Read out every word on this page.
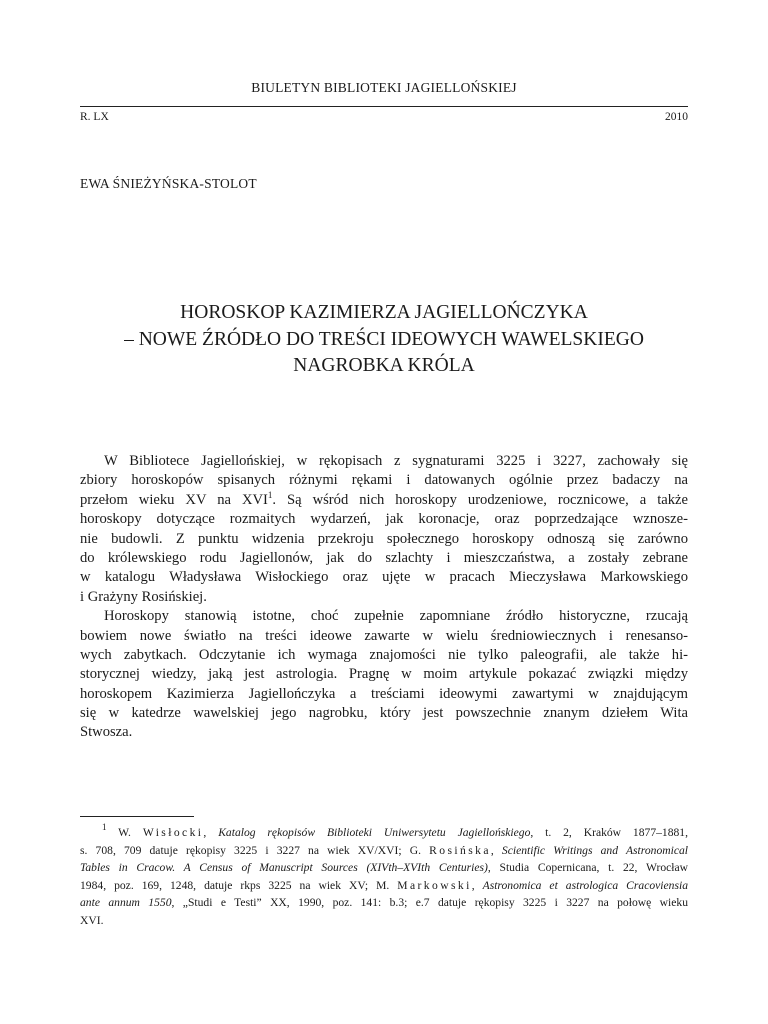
BIULETYN BIBLIOTEKI JAGIELLOŃSKIEJ
R. LX	2010
EWA ŚNIEŻYŃSKA-STOLOT
HOROSKOP KAZIMIERZA JAGIELLOŃCZYKA
– NOWE ŹRÓDŁO DO TREŚCI IDEOWYCH WAWELSKIEGO
NAGROBKA KRÓLA
W Bibliotece Jagiellońskiej, w rękopisach z sygnaturami 3225 i 3227, zachowały się
zbiory horoskopów spisanych różnymi rękami i datowanych ogólnie przez badaczy na
przełom wieku XV na XVI$^1$. Są wśród nich horoskopy urodzeniowe, rocznicowe, a także
horoskopy dotyczące rozmaitych wydarzeń, jak koronacje, oraz poprzedzające wznosze-
nie budowli. Z punktu widzenia przekroju społecznego horoskopy odnoszą się zarówno
do królewskiego rodu Jagiellonów, jak do szlachty i mieszczaństwa, a zostały zebrane
w katalogu Władysława Wisłockiego oraz ujęte w pracach Mieczysława Markowskiego
i Grażyny Rosińskiej.
Horoskopy stanowią istotne, choć zupełnie zapomniane źródło historyczne, rzucają
bowiem nowe światło na treści ideowe zawarte w wielu średniowiecznych i renesanso-
wych zabytkach. Odczytanie ich wymaga znajomości nie tylko paleografii, ale także hi-
storycznej wiedzy, jaką jest astrologia. Pragnę w moim artykule pokazać związki między
horoskopem Kazimierza Jagiellończyka a treściami ideowymi zawartymi w znajdującym
się w katedrze wawelskiej jego nagrobku, który jest powszechnie znanym dziełem Wita
Stwosza.
$^1$ W. Wisłocki, Katalog rękopisów Biblioteki Uniwersytetu Jagiellońskiego, t. 2, Kraków 1877–1881,
s. 708, 709 datuje rękopisy 3225 i 3227 na wiek XV/XVI; G. Rosińska, Scientific Writings and Astronomical
Tables in Cracow. A Census of Manuscript Sources (XIVth–XVIth Centuries), Studia Copernicana, t. 22, Wrocław
1984, poz. 169, 1248, datuje rkps 3225 na wiek XV; M. Markowski, Astronomica et astrologica Cracoviensia
ante annum 1550, „Studi e Testi” XX, 1990, poz. 141: b.3; e.7 datuje rękopisy 3225 i 3227 na połowę wieku
XVI.
